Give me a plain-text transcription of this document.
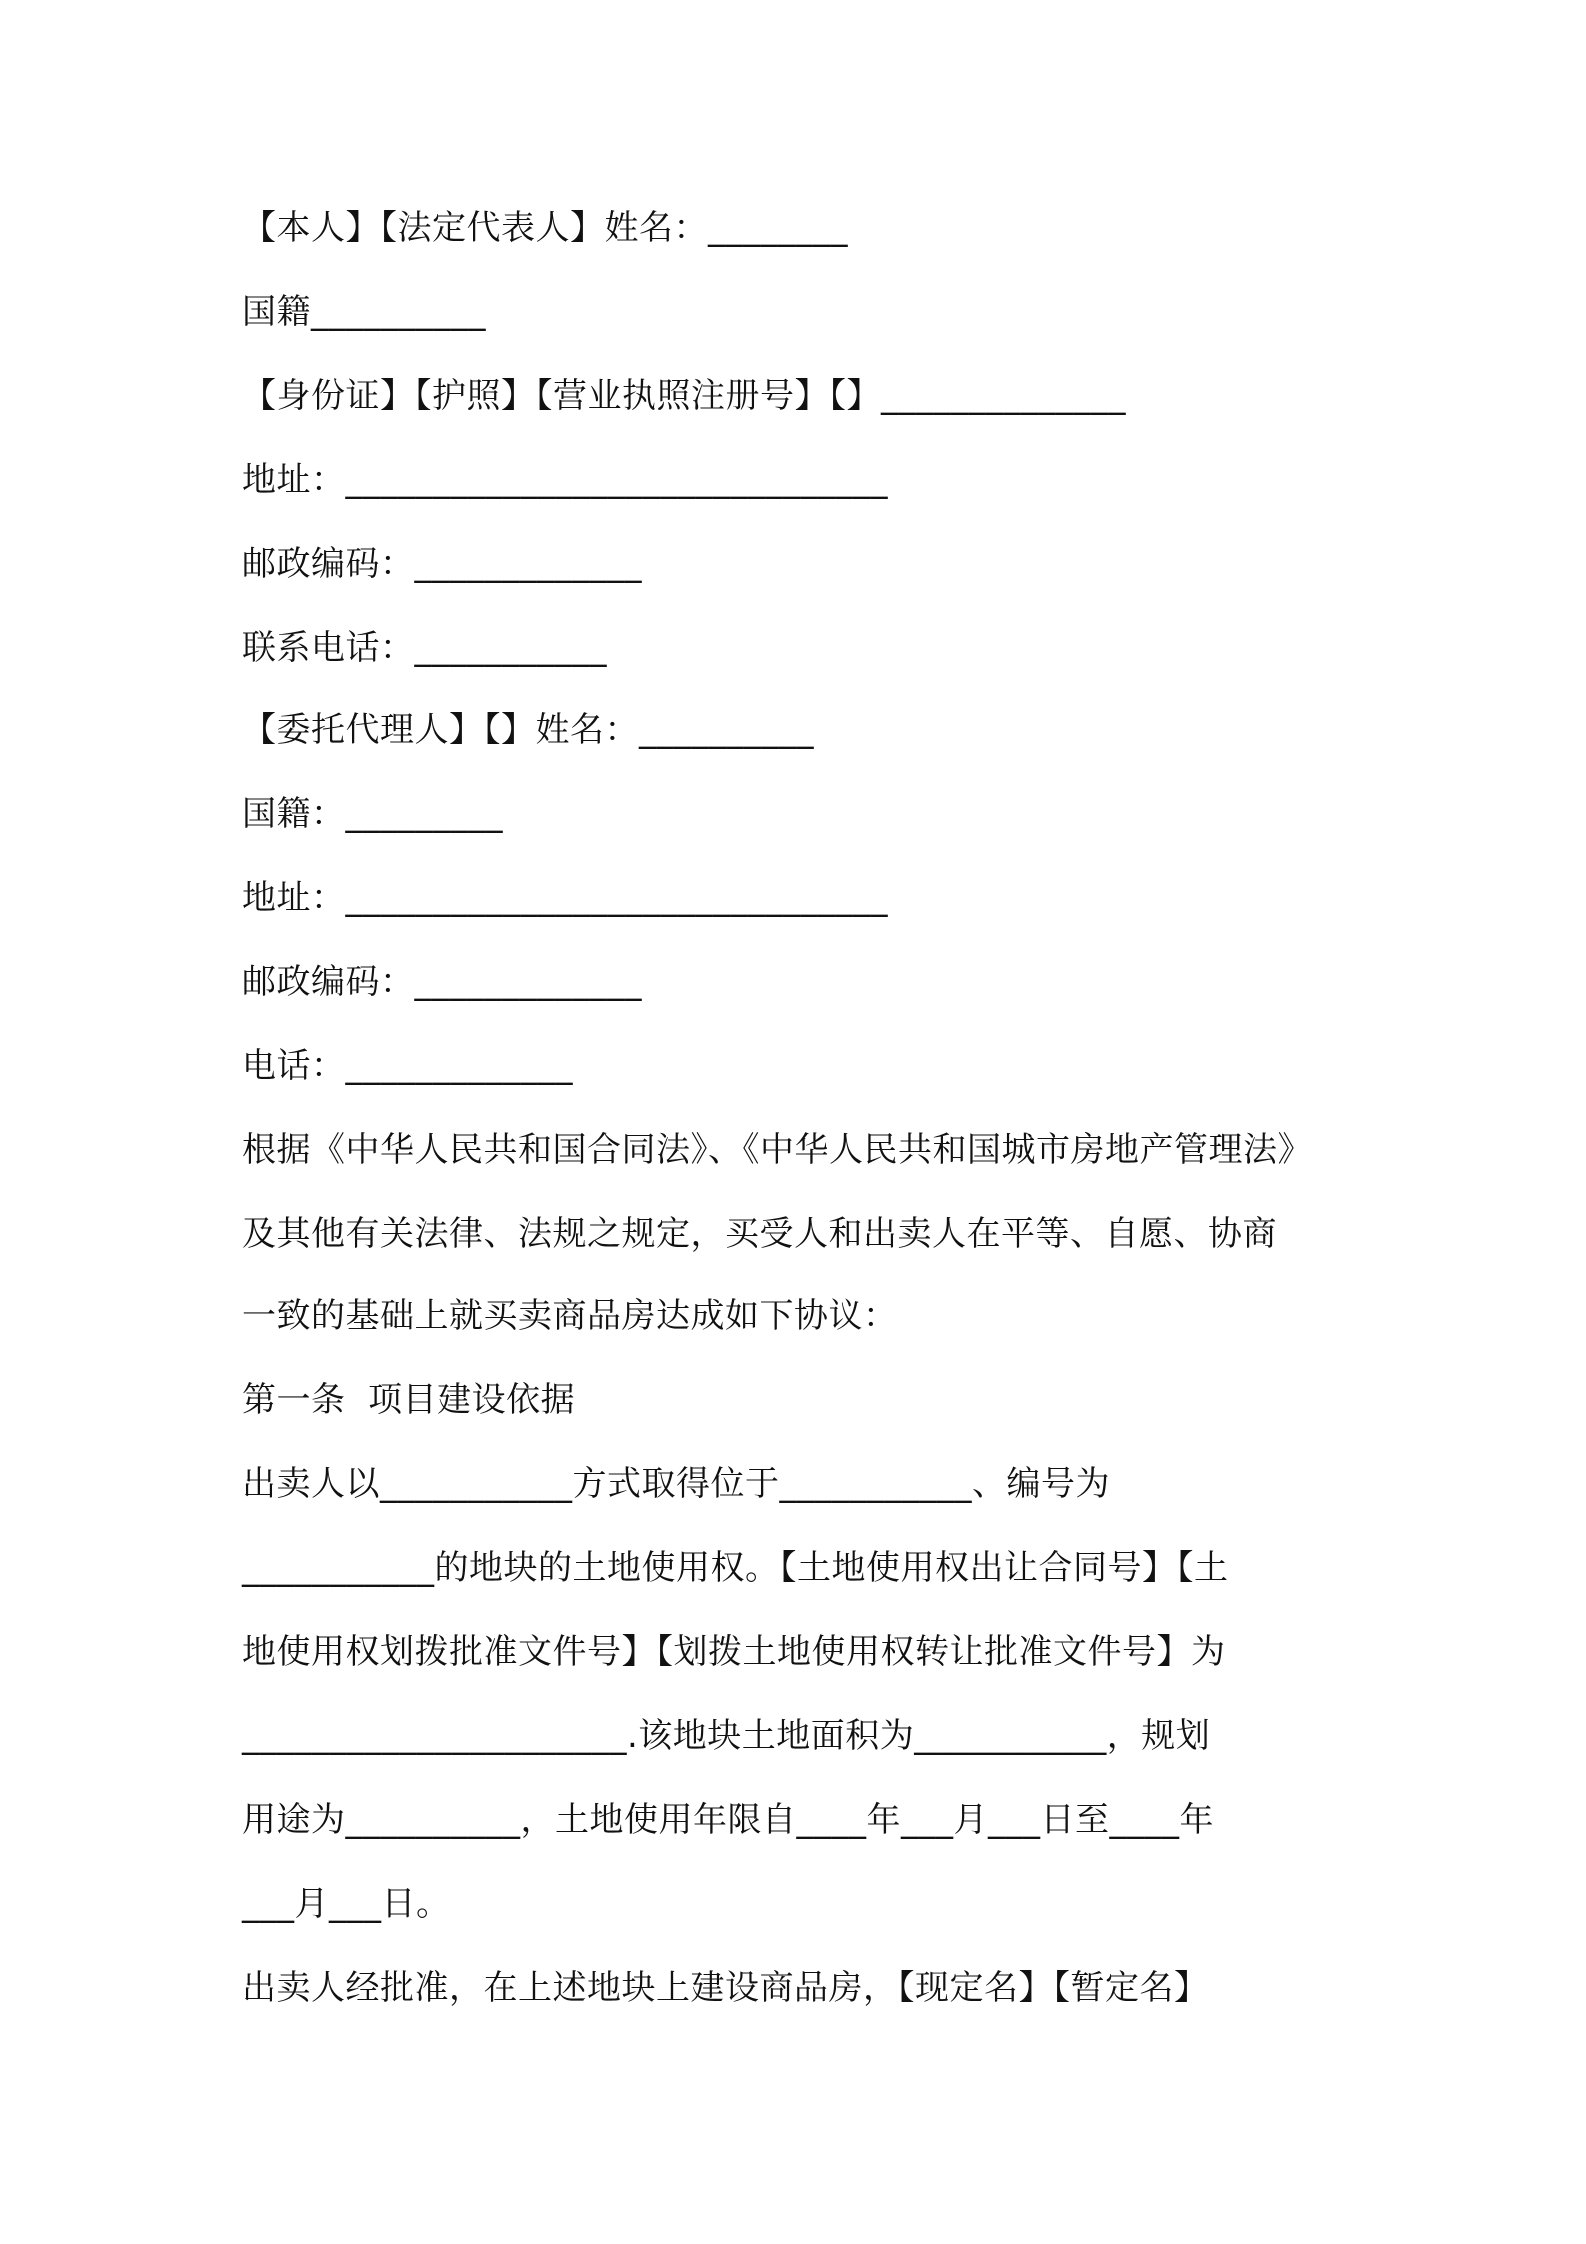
【本人】【法定代表人】姓名：________
国籍__________
【身份证】【护照】【营业执照注册号】【】______________
地址：_______________________________
邮政编码：_____________
联系电话：___________
【委托代理人】【】姓名：__________
国籍：_________
地址：_______________________________
邮政编码：_____________
电话：_____________
根据《中华人民共和国合同法》、《中华人民共和国城市房地产管理法》
及其他有关法律、法规之规定，买受人和出卖人在平等、自愿、协商
一致的基础上就买卖商品房达成如下协议：
第一条  项目建设依据
出卖人以___________方式取得位于___________、编号为
___________的地块的土地使用权。【土地使用权出让合同号】【土
地使用权划拨批准文件号】【划拨土地使用权转让批准文件号】为
______________________.该地块土地面积为___________，规划
用途为__________，土地使用年限自____年___月___日至____年
___月___日。
出卖人经批准，在上述地块上建设商品房，【现定名】【暂定名】
